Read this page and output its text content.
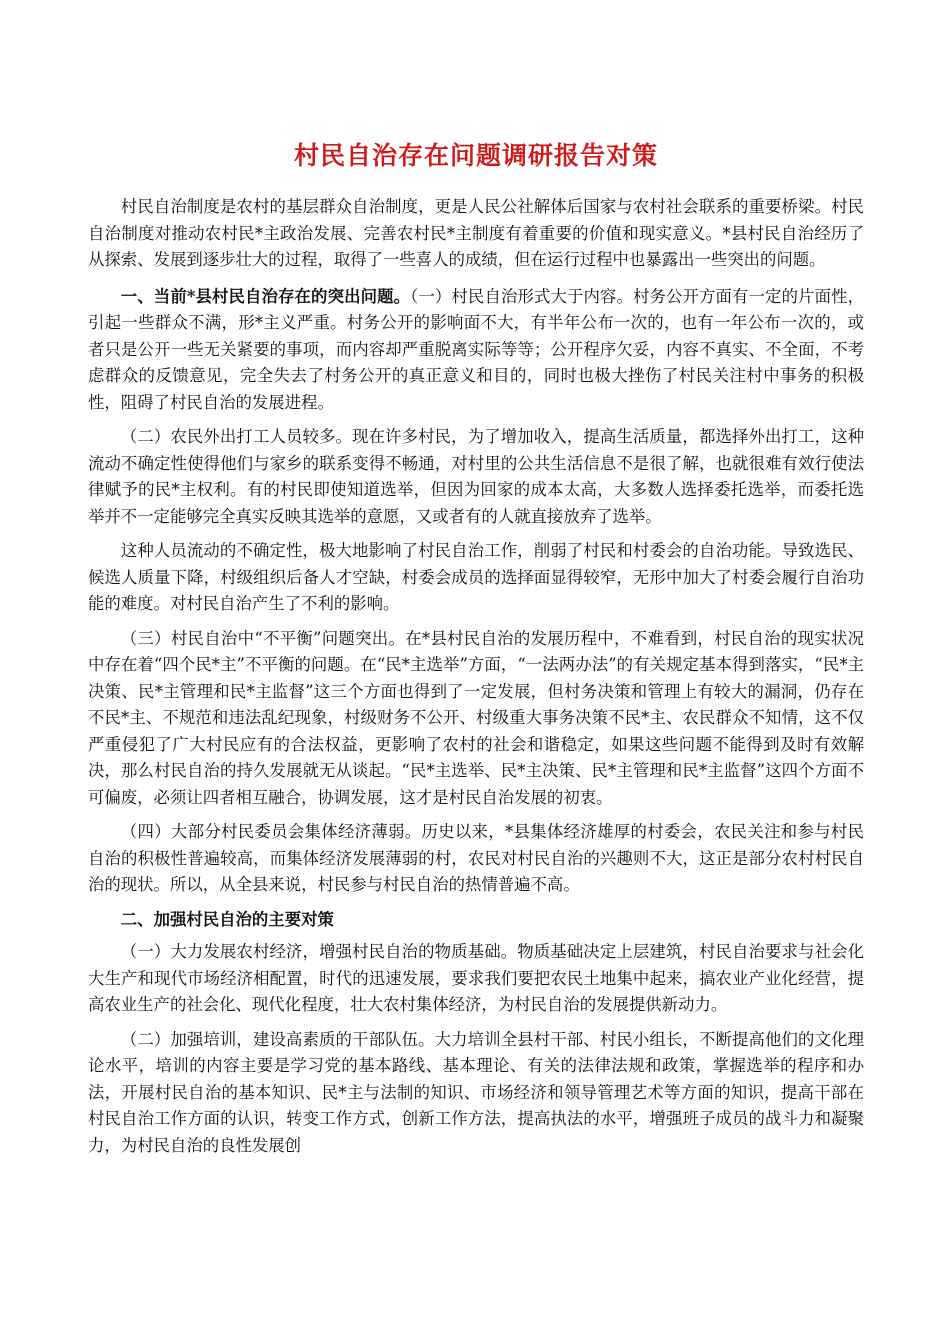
村民自治存在问题调研报告对策

村民自治制度是农村的基层群众自治制度，更是人民公社解体后国家与农村社会联系的重要桥梁。村民自治制度对推动农村民*主政治发展、完善农村民*主制度有着重要的价值和现实意义。*县村民自治经历了从探索、发展到逐步壮大的过程，取得了一些喜人的成绩，但在运行过程中也暴露出一些突出的问题。

一、当前*县村民自治存在的突出问题。（一）村民自治形式大于内容。村务公开方面有一定的片面性，引起一些群众不满，形*主义严重。村务公开的影响面不大，有半年公布一次的，也有一年公布一次的，或者只是公开一些无关紧要的事项，而内容却严重脱离实际等等；公开程序欠妥，内容不真实、不全面，不考虑群众的反馈意见，完全失去了村务公开的真正意义和目的，同时也极大挫伤了村民关注村中事务的积极性，阻碍了村民自治的发展进程。

（二）农民外出打工人员较多。现在许多村民，为了增加收入，提高生活质量，都选择外出打工，这种流动不确定性使得他们与家乡的联系变得不畅通，对村里的公共生活信息不是很了解，也就很难有效行使法律赋予的民*主权利。有的村民即使知道选举，但因为回家的成本太高，大多数人选择委托选举，而委托选举并不一定能够完全真实反映其选举的意愿，又或者有的人就直接放弃了选举。

这种人员流动的不确定性，极大地影响了村民自治工作，削弱了村民和村委会的自治功能。导致选民、候选人质量下降，村级组织后备人才空缺，村委会成员的选择面显得较窄，无形中加大了村委会履行自治功能的难度。对村民自治产生了不利的影响。

（三）村民自治中“不平衡”问题突出。在*县村民自治的发展历程中，不难看到，村民自治的现实状况中存在着“四个民*主”不平衡的问题。在“民*主选举”方面，“一法两办法”的有关规定基本得到落实，“民*主决策、民*主管理和民*主监督”这三个方面也得到了一定发展，但村务决策和管理上有较大的漏洞，仍存在不民*主、不规范和违法乱纪现象，村级财务不公开、村级重大事务决策不民*主、农民群众不知情，这不仅严重侵犯了广大村民应有的合法权益，更影响了农村的社会和谐稳定，如果这些问题不能得到及时有效解决，那么村民自治的持久发展就无从谈起。“民*主选举、民*主决策、民*主管理和民*主监督”这四个方面不可偏废，必须让四者相互融合，协调发展，这才是村民自治发展的初衷。

（四）大部分村民委员会集体经济薄弱。历史以来，*县集体经济雄厚的村委会，农民关注和参与村民自治的积极性普遍较高，而集体经济发展薄弱的村，农民对村民自治的兴趣则不大，这正是部分农村村民自治的现状。所以，从全县来说，村民参与村民自治的热情普遍不高。

二、加强村民自治的主要对策

（一）大力发展农村经济，增强村民自治的物质基础。物质基础决定上层建筑，村民自治要求与社会化大生产和现代市场经济相配置，时代的迅速发展，要求我们要把农民土地集中起来，搞农业产业化经营，提高农业生产的社会化、现代化程度，壮大农村集体经济，为村民自治的发展提供新动力。

（二）加强培训，建设高素质的干部队伍。大力培训全县村干部、村民小组长，不断提高他们的文化理论水平，培训的内容主要是学习党的基本路线、基本理论、有关的法律法规和政策，掌握选举的程序和办法，开展村民自治的基本知识、民*主与法制的知识、市场经济和领导管理艺术等方面的知识，提高干部在村民自治工作方面的认识，转变工作方式，创新工作方法，提高执法的水平，增强班子成员的战斗力和凝聚力，为村民自治的良性发展创
